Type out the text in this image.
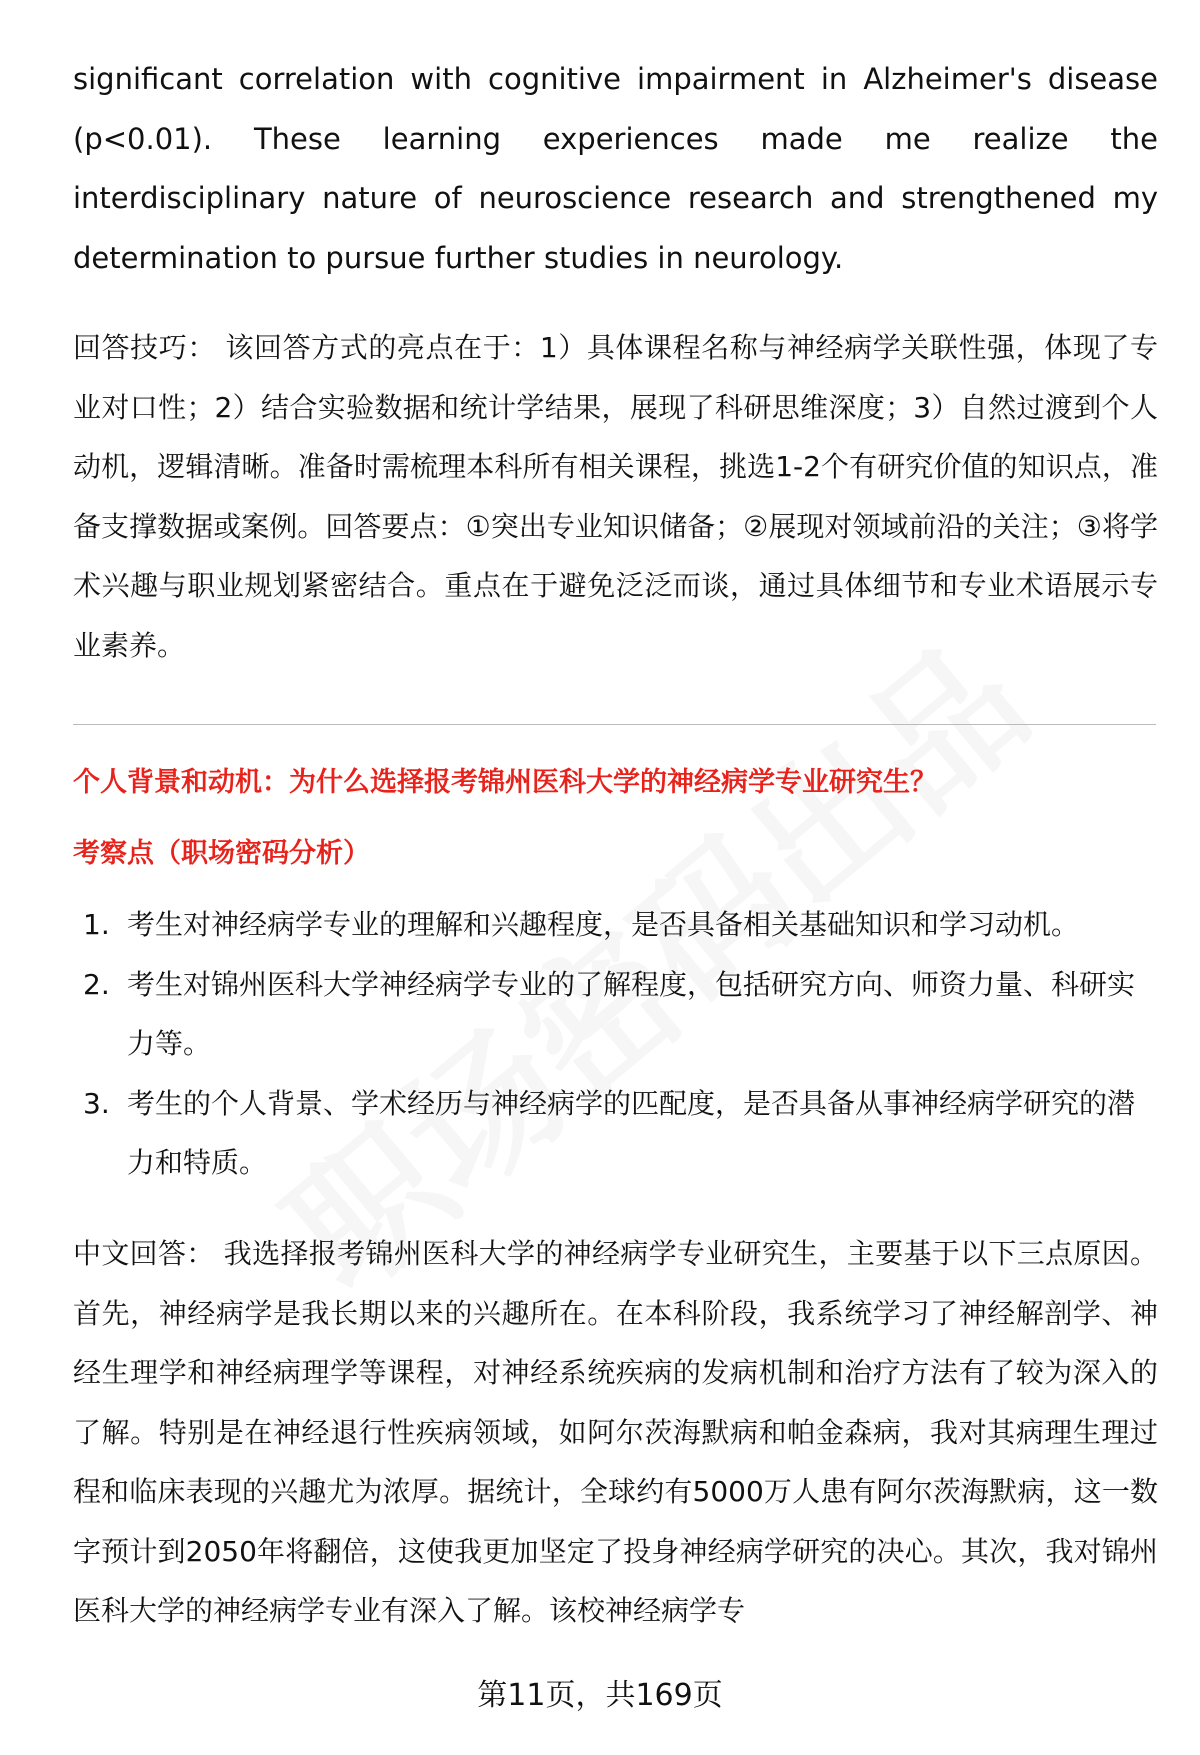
significant correlation with cognitive impairment in Alzheimer's disease (p<0.01). These learning experiences made me realize the interdisciplinary nature of neuroscience research and strengthened my determination to pursue further studies in neurology.
回答技巧： 该回答方式的亮点在于：1）具体课程名称与神经病学关联性强，体现了专业对口性；2）结合实验数据和统计学结果，展现了科研思维深度；3）自然过渡到个人动机，逻辑清晰。准备时需梳理本科所有相关课程，挑选1-2个有研究价值的知识点，准备支撑数据或案例。回答要点：①突出专业知识储备；②展现对领域前沿的关注；③将学术兴趣与职业规划紧密结合。重点在于避免泛泛而谈，通过具体细节和专业术语展示专业素养。
个人背景和动机：为什么选择报考锦州医科大学的神经病学专业研究生？
考察点（职场密码分析）
1. 考生对神经病学专业的理解和兴趣程度，是否具备相关基础知识和学习动机。
2. 考生对锦州医科大学神经病学专业的了解程度，包括研究方向、师资力量、科研实力等。
3. 考生的个人背景、学术经历与神经病学的匹配度，是否具备从事神经病学研究的潜力和特质。
中文回答： 我选择报考锦州医科大学的神经病学专业研究生，主要基于以下三点原因。首先，神经病学是我长期以来的兴趣所在。在本科阶段，我系统学习了神经解剖学、神经生理学和神经病理学等课程，对神经系统疾病的发病机制和治疗方法有了较为深入的了解。特别是在神经退行性疾病领域，如阿尔茨海默病和帕金森病，我对其病理生理过程和临床表现的兴趣尤为浓厚。据统计，全球约有5000万人患有阿尔茨海默病，这一数字预计到2050年将翻倍，这使我更加坚定了投身神经病学研究的决心。其次，我对锦州医科大学的神经病学专业有深入了解。该校神经病学专
第11页，共169页
